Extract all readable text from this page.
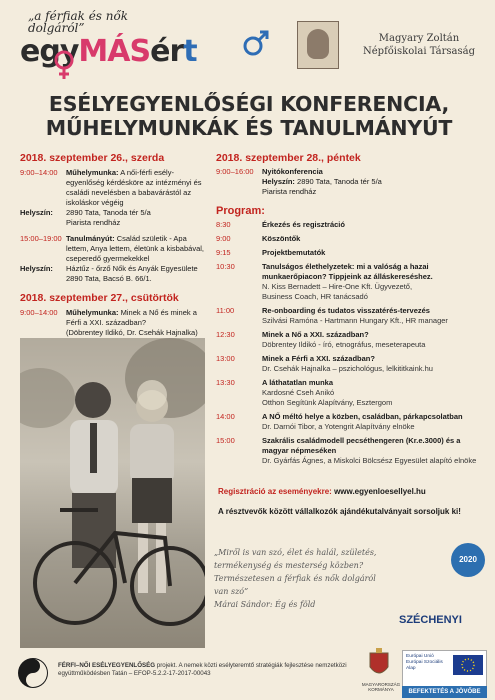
„a férfiak és nők
dolgáról”
egyMÁSért	Magyary Zoltán
Népfőiskolai Társaság
ESÉLYEGYENLŐSÉGI KONFERENCIA,
MŰHELYMUNKÁK ÉS TANULMÁNYÚT
2018. szeptember 26., szerda
9:00–14:00	Műhelymunka: A női-férfi esély-egyenlőség kérdésköre az intézményi és családi nevelésben a babavárástól az iskoláskor végéig
Helyszín:	2890 Tata, Tanoda tér 5/a
Piarista rendház
15:00–19:00 Tanulmányút: Család születik - Apa lettem, Anya lettem, életünk a kisbabával, cseperedő gyermekekkel
Helyszín:	Háztűz - őrző Nők és Anyák Egyesülete
2890 Tata, Bacsó B. 66/1.
2018. szeptember 27., csütörtök
9:00–14:00	Műhelymunka: Minek a Nő és minek a Férfi a XXI. században?
(Döbrentey Ildikó, Dr. Csehák Hajnalka)
2018. szeptember 28., péntek
9:00–16:00	Nyitókonferencia
Helyszín: 2890 Tata, Tanoda tér 5/a
Piarista rendház
Program:
8:30	Érkezés és regisztráció
9:00	Köszöntők
9:15	Projektbemutatók
10:30	Tanulságos élethelyzetek: mi a valóság a hazai munkaerőpiacon? Tippjeink az álláskereséshez.
N. Kiss Bernadett – Hire-One Kft. Ügyvezető,
Business Coach, HR tanácsadó
11:00	Re-onboarding és tudatos visszatérés-tervezés
Szilvási Ramóna - Hartmann Hungary Kft., HR manager
12:30	Minek a Nő a XXI. században?
Döbrentey Ildikó - író, etnográfus, meseterapeuta
13:00	Minek a Férfi a XXI. században?
Dr. Csehák Hajnalka – pszichológus, lelkititkaink.hu
13:30	A láthatatlan munka
Kardosné Cseh Anikó
Otthon Segítünk Alapítvány, Esztergom
14:00	A NŐ méltó helye a közben, családban, párkapcsolatban
Dr. Darnói Tibor, a Yotengrit Alapítvány elnöke
15:00	Szakrális családmodell pecséthengeren (Kr.e.3000) és a magyar népmeséken
Dr. Gyárfás Ágnes, a Miskolci Bölcsész Egyesület alapító elnöke
Regisztráció az eseményekre: www.egyenloesellyel.hu
A résztvevők között vállalkozók ajándékutalványait sorsoljuk ki!
„Miről is van szó, élet és halál, születés, termékenység és mesterség közben?
Természetesen a férfiak és nők dolgáról van szó”
Márai Sándor: Ég és föld
2020
SZÉCHENYI
MAGYARORSZÁG
KORMÁNYA
Európai Unió
Európai Szociális
Alap
BEFEKTETÉS A JÖVŐBE
FÉRFI–NŐI ESÉLYEGYENLŐSÉG projekt. A nemek közti esélyteremtő stratégiák fejlesztése nemzetközi együttműködésben Tatán – EFOP-5.2.2-17-2017-00043
